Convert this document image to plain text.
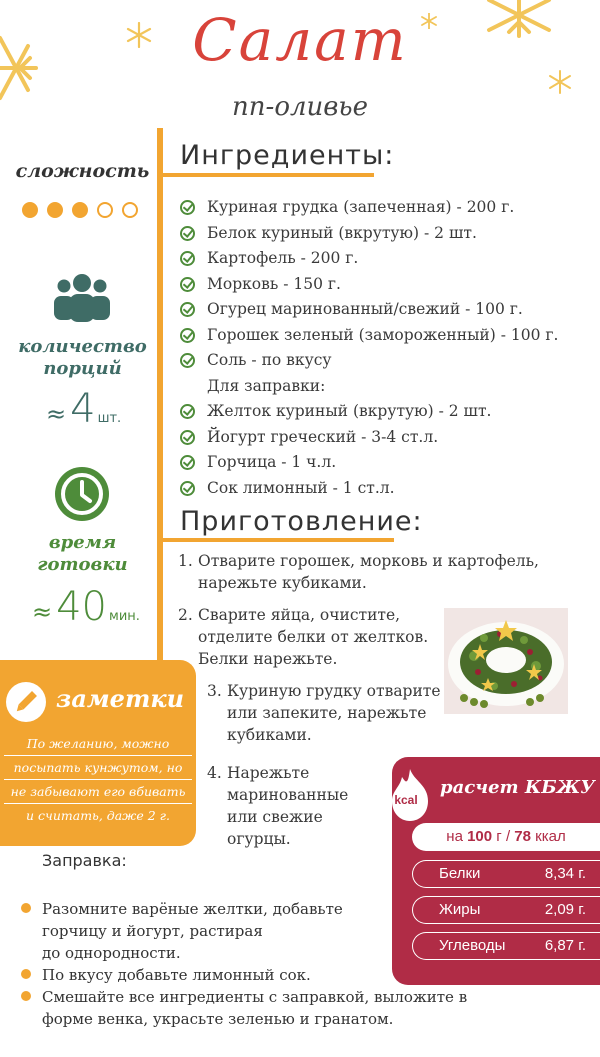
Салат
пп-оливье
сложность
количество
порций
≈ 4 шт.
время
готовки
≈ 40 мин.
Ингредиенты:
Куриная грудка (запеченная) - 200 г.
Белок куриный (вкрутую) - 2 шт.
Картофель - 200 г.
Морковь - 150 г.
Огурец маринованный/свежий - 100 г.
Горошек зеленый (замороженный) - 100 г.
Соль - по вкусу
Для заправки:
Желток куриный (вкрутую) - 2 шт.
Йогурт греческий - 3-4 ст.л.
Горчица - 1 ч.л.
Сок лимонный - 1 ст.л.
Приготовление:
1. Отварите горошек, морковь и картофель,
нарежьте кубиками.
2. Сварите яйца, очистите,
отделите белки от желтков.
Белки нарежьте.
3. Куриную грудку отварите
или запеките, нарежьте
кубиками.
4. Нарежьте
маринованные
или свежие
огурцы.
заметки
По желанию, можно
посыпать кунжутом, но
не забывают его вбивать
и считать, даже 2 г.
Заправка:
Разомните варёные желтки, добавьте
горчицу и йогурт, растирая
до однородности.
По вкусу добавьте лимонный сок.
Смешайте все ингредиенты с заправкой, выложите в
форме венка, украсьте зеленью и гранатом.
kcal
расчет КБЖУ
на 100 г / 78 ккал
Белки	8,34 г.
Жиры	2,09 г.
Углеводы	6,87 г.
